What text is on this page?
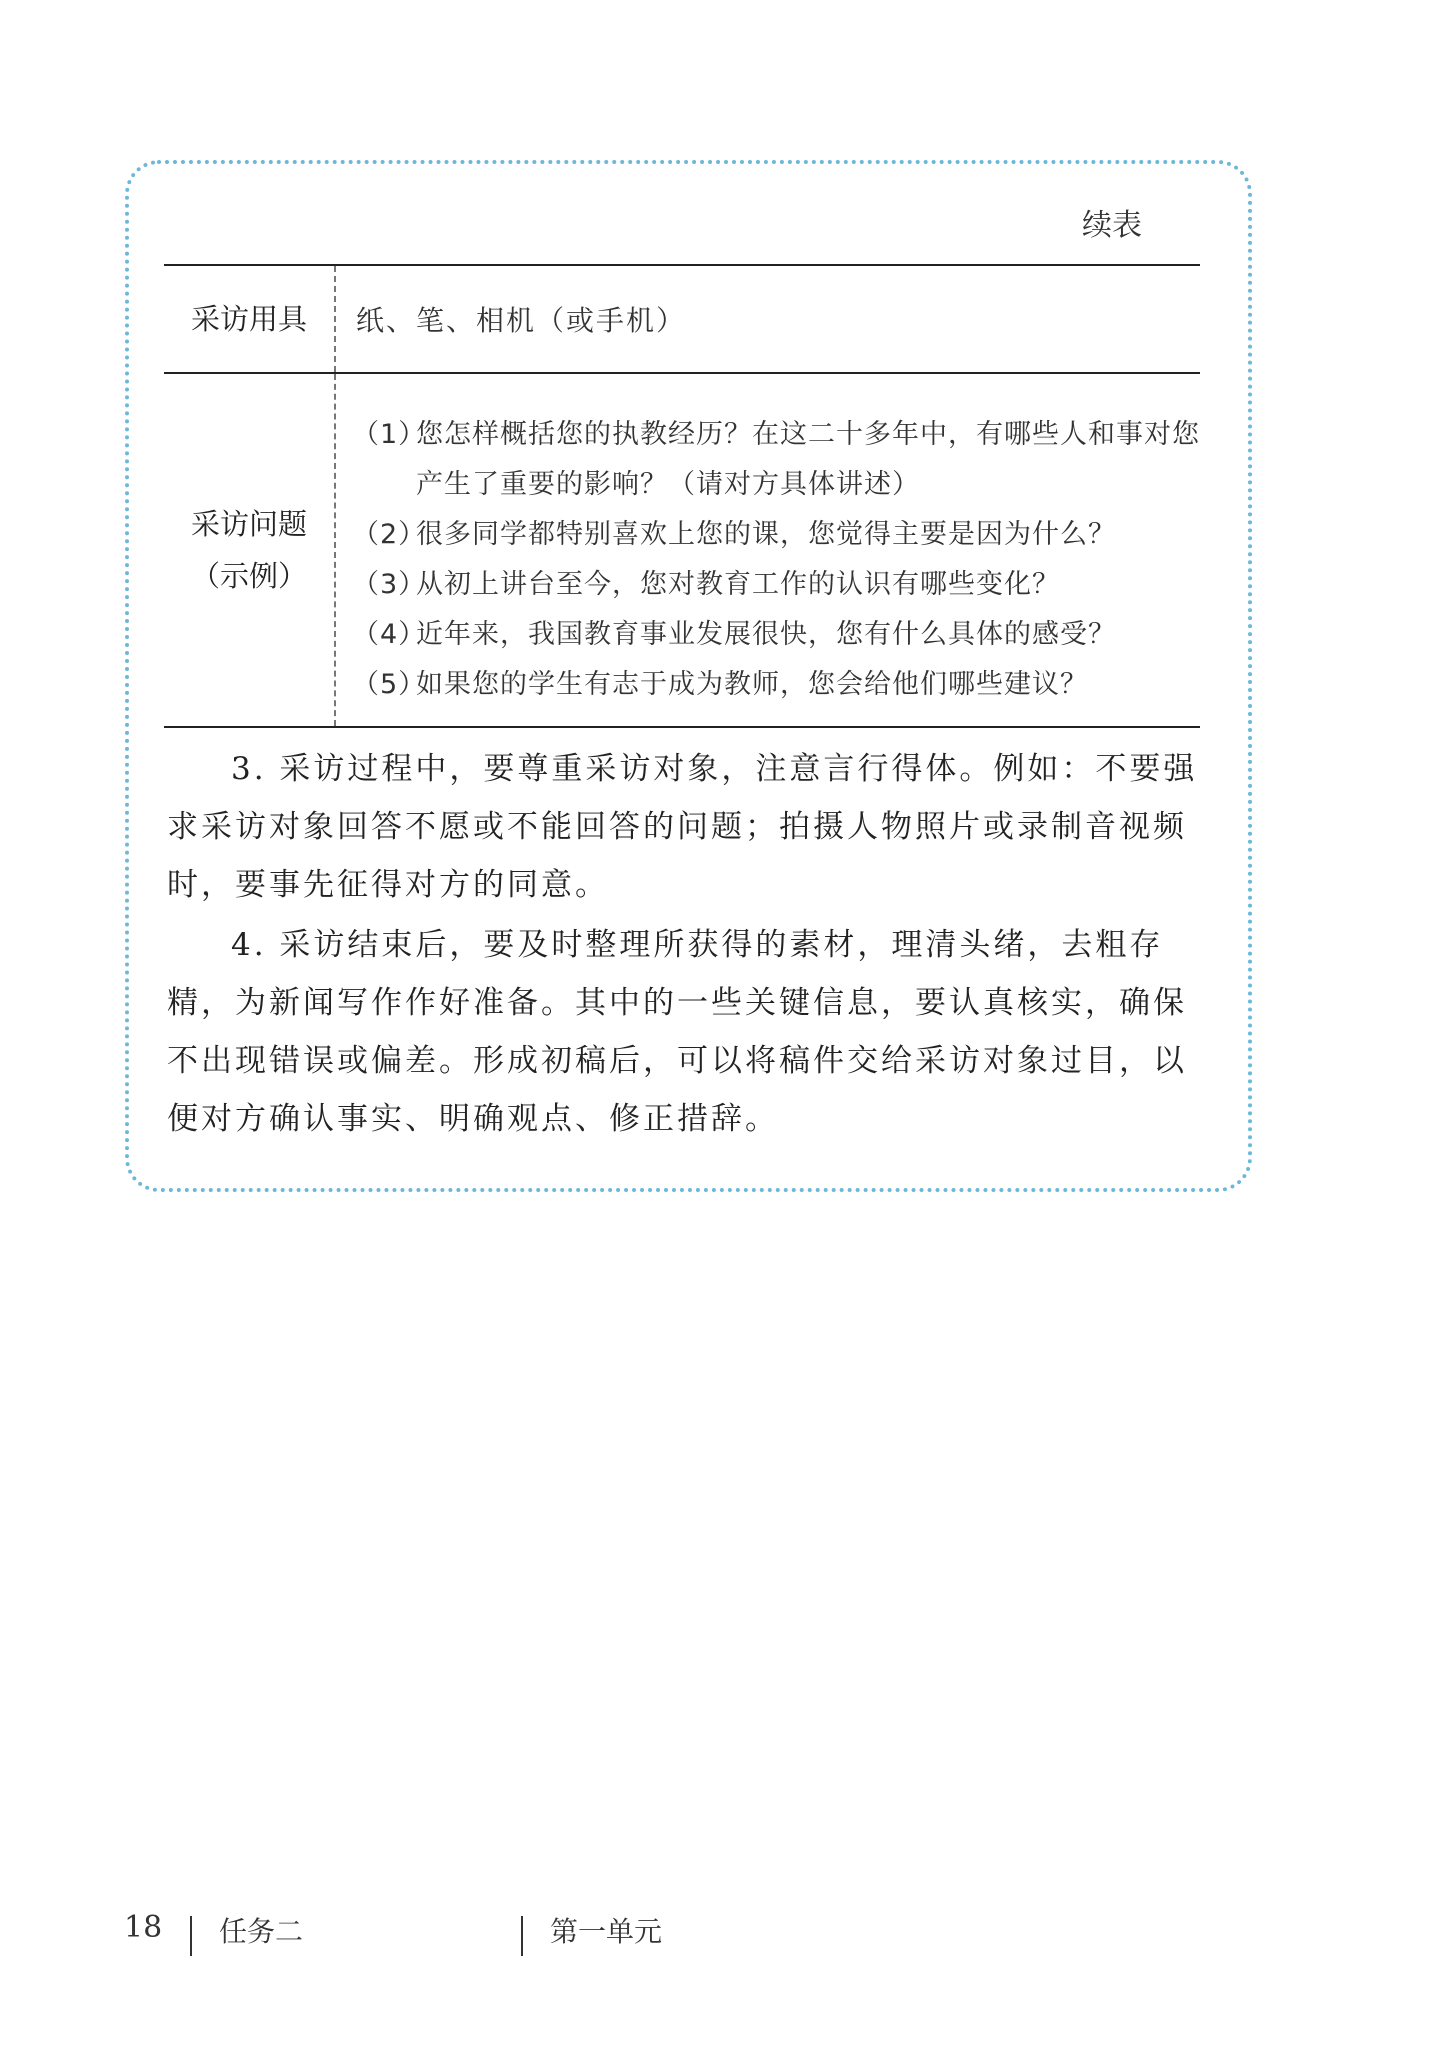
续表
采访用具	纸、笔、相机（或手机）
采访问题
（示例）
（1）
您怎样概括您的执教经历？在这二十多年中，有哪些人和事对您产生了重要的影响？（请对方具体讲述）
（2）
很多同学都特别喜欢上您的课，您觉得主要是因为什么？
（3）
从初上讲台至今，您对教育工作的认识有哪些变化？
（4）
近年来，我国教育事业发展很快，您有什么具体的感受？
（5）
如果您的学生有志于成为教师，您会给他们哪些建议？

3. 采访过程中，要尊重采访对象，注意言行得体。例如：不要强求采访对象回答不愿或不能回答的问题；拍摄人物照片或录制音视频时，要事先征得对方的同意。

4. 采访结束后，要及时整理所获得的素材，理清头绪，去粗存精，为新闻写作作好准备。其中的一些关键信息，要认真核实，确保不出现错误或偏差。形成初稿后，可以将稿件交给采访对象过目，以便对方确认事实、明确观点、修正措辞。

18 任务二	第一单元
